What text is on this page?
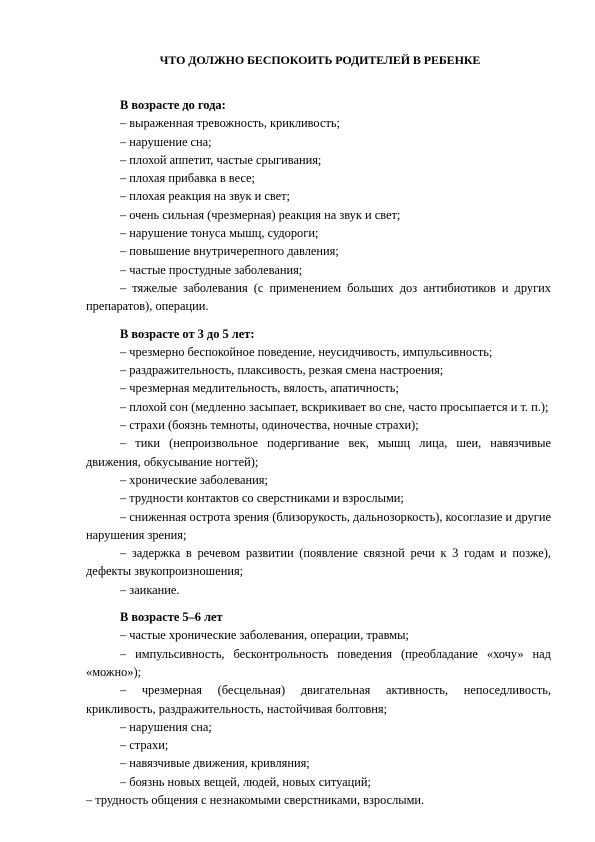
ЧТО ДОЛЖНО БЕСПОКОИТЬ РОДИТЕЛЕЙ В РЕБЕНКЕ

В возрасте до года:

– выраженная тревожность, крикливость;

– нарушение сна;

– плохой аппетит, частые срыгивания;

– плохая прибавка в весе;

– плохая реакция на звук и свет;

– очень сильная (чрезмерная) реакция на звук и свет;

– нарушение тонуса мышц, судороги;

– повышение внутричерепного давления;

– частые простудные заболевания;

– тяжелые заболевания (с применением больших доз антибиотиков и других препаратов), операции.

В возрасте от 3 до 5 лет:

– чрезмерно беспокойное поведение, неусидчивость, импульсивность;

– раздражительность, плаксивость, резкая смена настроения;

– чрезмерная медлительность, вялость, апатичность;

– плохой сон (медленно засыпает, вскрикивает во сне, часто просыпается и т. п.);

– страхи (боязнь темноты, одиночества, ночные страхи);

– тики (непроизвольное подергивание век, мышц лица, шеи, навязчивые движения, обкусывание ногтей);

– хронические заболевания;

– трудности контактов со сверстниками и взрослыми;

– сниженная острота зрения (близорукость, дальнозоркость), косоглазие и другие нарушения зрения;

– задержка в речевом развитии (появление связной речи к 3 годам и позже), дефекты звукопроизношения;

– заикание.

В возрасте 5–6 лет

– частые хронические заболевания, операции, травмы;

– импульсивность, бесконтрольность поведения (преобладание «хочу» над «можно»);

– чрезмерная (бесцельная) двигательная активность, непоседливость, крикливость, раздражительность, настойчивая болтовня;

– нарушения сна;

– страхи;

– навязчивые движения, кривляния;

– боязнь новых вещей, людей, новых ситуаций;

– трудность общения с незнакомыми сверстниками, взрослыми.
